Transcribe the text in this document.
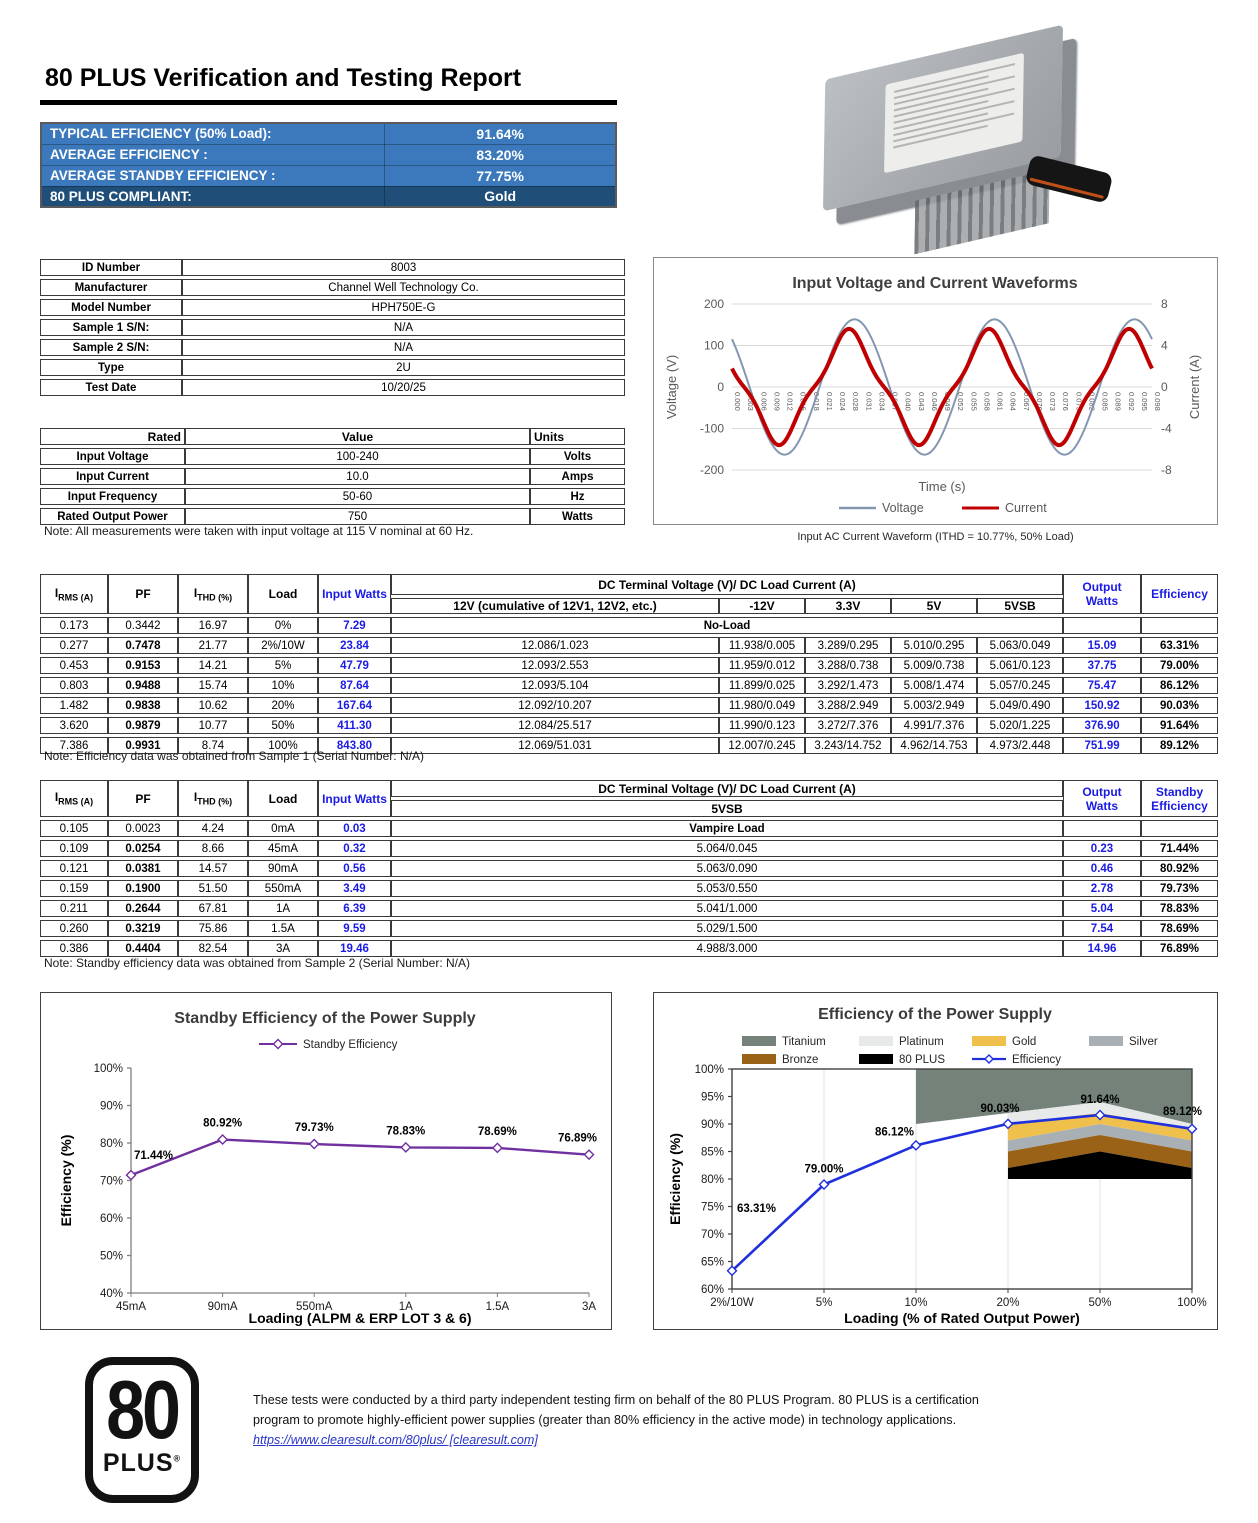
80 PLUS Verification and Testing Report
TYPICAL EFFICIENCY (50% Load):	91.64%
AVERAGE EFFICIENCY :	83.20%
AVERAGE STANDBY EFFICIENCY :	77.75%
80 PLUS COMPLIANT:	Gold
ID Number	8003
Manufacturer	Channel Well Technology Co.
Model Number	HPH750E-G
Sample 1 S/N:	N/A
Sample 2 S/N:	N/A
Type	2U
Test Date	10/20/25
Rated	Value	Units
Input Voltage	100-240	Volts
Input Current	10.0	Amps
Input Frequency	50-60	Hz
Rated Output Power	750	Watts
Note: All measurements were taken with input voltage at 115 V nominal at 60 Hz.
Input Voltage and Current Waveforms
200
100
0
-100
-200
8
4
0
-4
-8
0.000 0.003 0.006 0.009 0.012 0.015 0.018 0.021 0.024 0.028 0.031 0.034 0.037 0.040 0.043 0.046 0.049 0.052 0.055 0.058 0.061 0.064 0.067 0.070 0.073 0.076 0.079 0.082 0.085 0.089 0.092 0.095 0.098
Voltage (V)	Current (A)
Time (s)
Voltage	Current
Input AC Current Waveform (ITHD = 10.77%, 50% Load)
$I_{RMS (A)}$	PF	$I_{THD (\%)}$	Load	Input Watts	DC Terminal Voltage (V)/ DC Load Current (A)					Output Watts	Efficiency
					12V (cumulative of 12V1, 12V2, etc.)	-12V	3.3V	5V	5VSB		
0.173	0.3442	16.97	0%	7.29	No-Load						
0.277	0.7478	21.77	2%/10W	23.84	12.086/1.023	11.938/0.005	3.289/0.295	5.010/0.295	5.063/0.049	15.09	63.31%
0.453	0.9153	14.21	5%	47.79	12.093/2.553	11.959/0.012	3.288/0.738	5.009/0.738	5.061/0.123	37.75	79.00%
0.803	0.9488	15.74	10%	87.64	12.093/5.104	11.899/0.025	3.292/1.473	5.008/1.474	5.057/0.245	75.47	86.12%
1.482	0.9838	10.62	20%	167.64	12.092/10.207	11.980/0.049	3.288/2.949	5.003/2.949	5.049/0.490	150.92	90.03%
3.620	0.9879	10.77	50%	411.30	12.084/25.517	11.990/0.123	3.272/7.376	4.991/7.376	5.020/1.225	376.90	91.64%
7.386	0.9931	8.74	100%	843.80	12.069/51.031	12.007/0.245	3.243/14.752	4.962/14.753	4.973/2.448	751.99	89.12%
Note: Efficiency data was obtained from Sample 1 (Serial Number: N/A)
$I_{RMS (A)}$	PF	$I_{THD (\%)}$	Load	Input Watts	DC Terminal Voltage (V)/ DC Load Current (A)	Output Watts	Standby Efficiency
					5VSB		
0.105	0.0023	4.24	0mA	0.03	Vampire Load		
0.109	0.0254	8.66	45mA	0.32	5.064/0.045	0.23	71.44%
0.121	0.0381	14.57	90mA	0.56	5.063/0.090	0.46	80.92%
0.159	0.1900	51.50	550mA	3.49	5.053/0.550	2.78	79.73%
0.211	0.2644	67.81	1A	6.39	5.041/1.000	5.04	78.83%
0.260	0.3219	75.86	1.5A	9.59	5.029/1.500	7.54	78.69%
0.386	0.4404	82.54	3A	19.46	4.988/3.000	14.96	76.89%
Note: Standby efficiency data was obtained from Sample 2 (Serial Number: N/A)
Standby Efficiency of the Power Supply
Standby Efficiency
100%
90%
80%
70%
60%
50%
40%
45mA	90mA	550mA	1A	1.5A	3A
71.44%
80.92%	79.73%	78.83%	78.69%
76.89%
Efficiency (%)
Loading (ALPM & ERP LOT 3 & 6)
Efficiency of the Power Supply
Titanium	Platinum	Gold	Silver
Bronze	80 PLUS	Efficiency
100%
95%
90%
85%
80%
75%
70%
65%
60%
2%/10W	5%	10%	20%	50%	100%
63.31%
79.00%
86.12%
90.03%
91.64%
89.12%
Efficiency (%)
Loading (% of Rated Output Power)
80
PLUS®
These tests were conducted by a third party independent testing firm on behalf of the 80 PLUS Program. 80 PLUS is a certification
program to promote highly-efficient power supplies (greater than 80% efficiency in the active mode) in technology applications.
https://www.clearesult.com/80plus/ [clearesult.com]
